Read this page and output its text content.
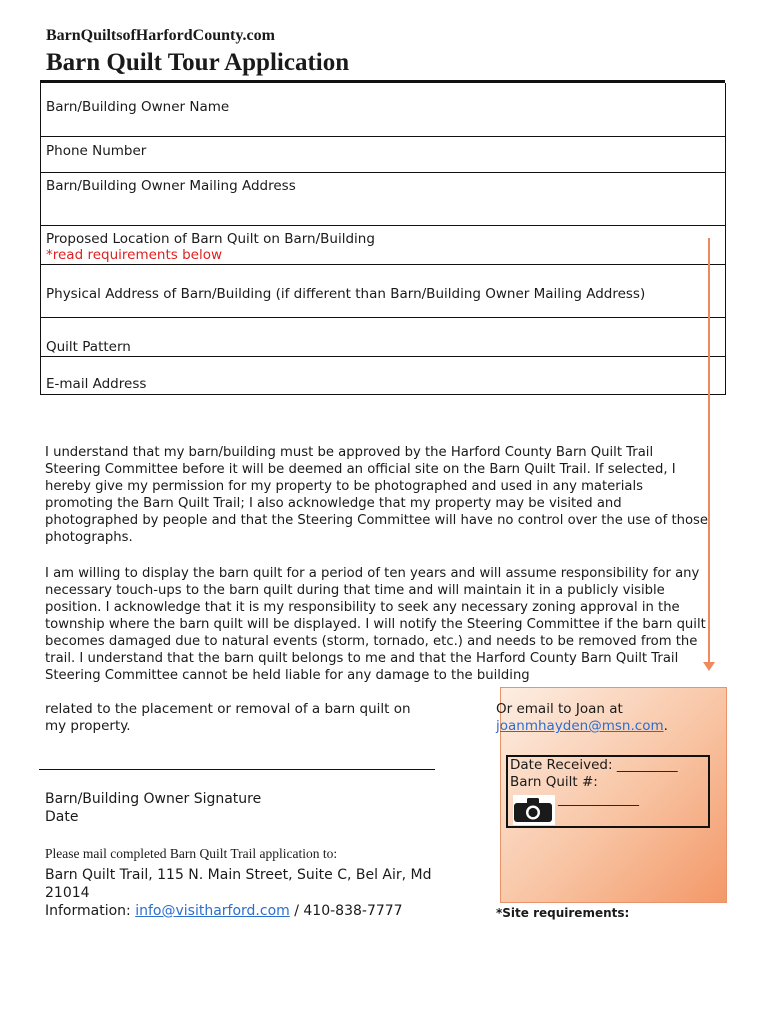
BarnQuiltsofHarfordCounty.com
Barn Quilt Tour Application
Barn/Building Owner Name
Phone Number
Barn/Building Owner Mailing Address
Proposed Location of Barn Quilt on Barn/Building
*read requirements below
Physical Address of Barn/Building (if different than Barn/Building Owner Mailing Address)
Quilt Pattern
E-mail Address

I understand that my barn/building must be approved by the Harford County Barn Quilt Trail Steering Committee before it will be deemed an official site on the Barn Quilt Trail. If selected, I hereby give my permission for my property to be photographed and used in any materials promoting the Barn Quilt Trail; I also acknowledge that my property may be visited and photographed by people and that the Steering Committee will have no control over the use of those photographs.

I am willing to display the barn quilt for a period of ten years and will assume responsibility for any necessary touch-ups to the barn quilt during that time and will maintain it in a publicly visible position. I acknowledge that it is my responsibility to seek any necessary zoning approval in the township where the barn quilt will be displayed. I will notify the Steering Committee if the barn quilt becomes damaged due to natural events (storm, tornado, etc.) and needs to be removed from the trail. I understand that the barn quilt belongs to me and that the Harford County Barn Quilt Trail Steering Committee cannot be held liable for any damage to the building

related to the placement or removal of a barn quilt on
my property.
Or email to Joan at
joanmhayden@msn.com.
Date Received: _________
Barn Quilt #:
____________
Barn/Building Owner Signature
Date
Please mail completed Barn Quilt Trail application to:
Barn Quilt Trail, 115 N. Main Street, Suite C, Bel Air, Md 21014
Information: info@visitharford.com / 410-838-7777	*Site requirements:
